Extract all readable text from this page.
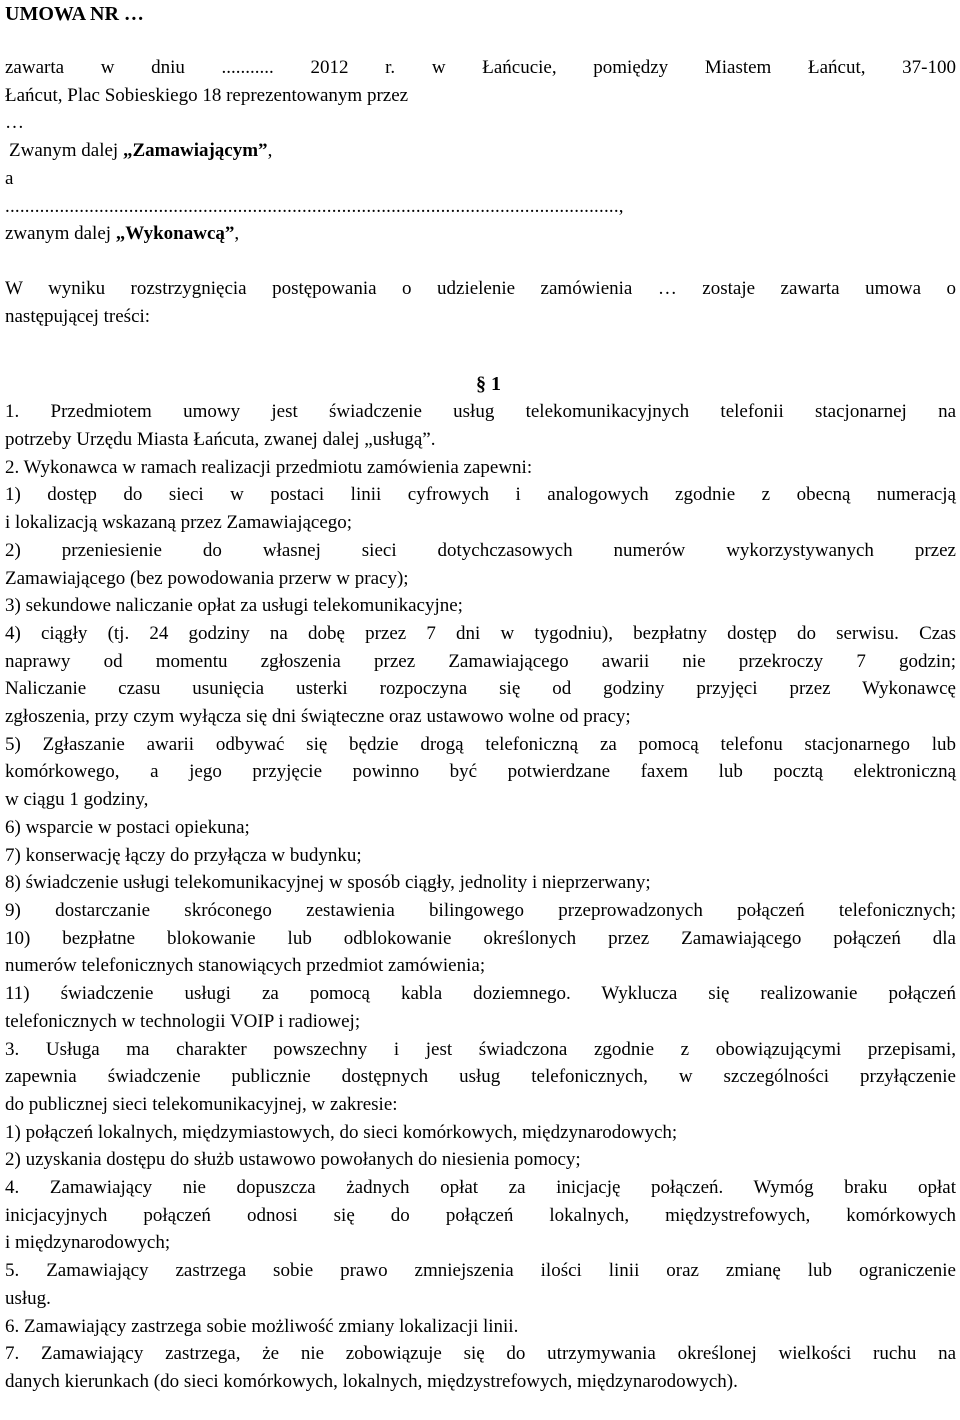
UMOWA NR …

zawarta w dniu ........... 2012 r. w Łańcucie, pomiędzy Miastem Łańcut, 37-100

Łańcut, Plac Sobieskiego 18 reprezentowanym przez

…

Zwanym dalej „Zamawiającym”,

a

............................................................................................................................,

zwanym dalej „Wykonawcą”,

W wyniku rozstrzygnięcia postępowania o udzielenie zamówienia … zostaje zawarta umowa o

następującej treści:

§ 1

1. Przedmiotem umowy jest świadczenie usług telekomunikacyjnych telefonii stacjonarnej na

potrzeby Urzędu Miasta Łańcuta, zwanej dalej „usługą”.

2. Wykonawca w ramach realizacji przedmiotu zamówienia zapewni:

1) dostęp do sieci w postaci linii cyfrowych i analogowych zgodnie z obecną numeracją

i lokalizacją wskazaną przez Zamawiającego;

2) przeniesienie do własnej sieci dotychczasowych numerów wykorzystywanych przez

Zamawiającego (bez powodowania przerw w pracy);

3) sekundowe naliczanie opłat za usługi telekomunikacyjne;

4) ciągły (tj. 24 godziny na dobę przez 7 dni w tygodniu), bezpłatny dostęp do serwisu. Czas

naprawy od momentu zgłoszenia przez Zamawiającego awarii nie przekroczy 7 godzin;

Naliczanie czasu usunięcia usterki rozpoczyna się od godziny przyjęci przez Wykonawcę

zgłoszenia, przy czym wyłącza się dni świąteczne oraz ustawowo wolne od pracy;

5) Zgłaszanie awarii odbywać się będzie drogą telefoniczną za pomocą telefonu stacjonarnego lub

komórkowego, a jego przyjęcie powinno być potwierdzane faxem lub pocztą elektroniczną

w ciągu 1 godziny,

6) wsparcie w postaci opiekuna;

7) konserwację łączy do przyłącza w budynku;

8) świadczenie usługi telekomunikacyjnej w sposób ciągły, jednolity i nieprzerwany;

9) dostarczanie skróconego zestawienia bilingowego przeprowadzonych połączeń telefonicznych;

10) bezpłatne blokowanie lub odblokowanie określonych przez Zamawiającego połączeń dla

numerów telefonicznych stanowiących przedmiot zamówienia;

11) świadczenie usługi za pomocą kabla doziemnego. Wyklucza się realizowanie połączeń

telefonicznych w technologii VOIP i radiowej;

3. Usługa ma charakter powszechny i jest świadczona zgodnie z obowiązującymi przepisami,

zapewnia świadczenie publicznie dostępnych usług telefonicznych, w szczególności przyłączenie

do publicznej sieci telekomunikacyjnej, w zakresie:

1) połączeń lokalnych, międzymiastowych, do sieci komórkowych, międzynarodowych;

2) uzyskania dostępu do służb ustawowo powołanych do niesienia pomocy;

4. Zamawiający nie dopuszcza żadnych opłat za inicjację połączeń. Wymóg braku opłat

inicjacyjnych połączeń odnosi się do połączeń lokalnych, międzystrefowych, komórkowych

i międzynarodowych;

5. Zamawiający zastrzega sobie prawo zmniejszenia ilości linii oraz zmianę lub ograniczenie

usług.

6. Zamawiający zastrzega sobie możliwość zmiany lokalizacji linii.

7. Zamawiający zastrzega, że nie zobowiązuje się do utrzymywania określonej wielkości ruchu na

danych kierunkach (do sieci komórkowych, lokalnych, międzystrefowych, międzynarodowych).
